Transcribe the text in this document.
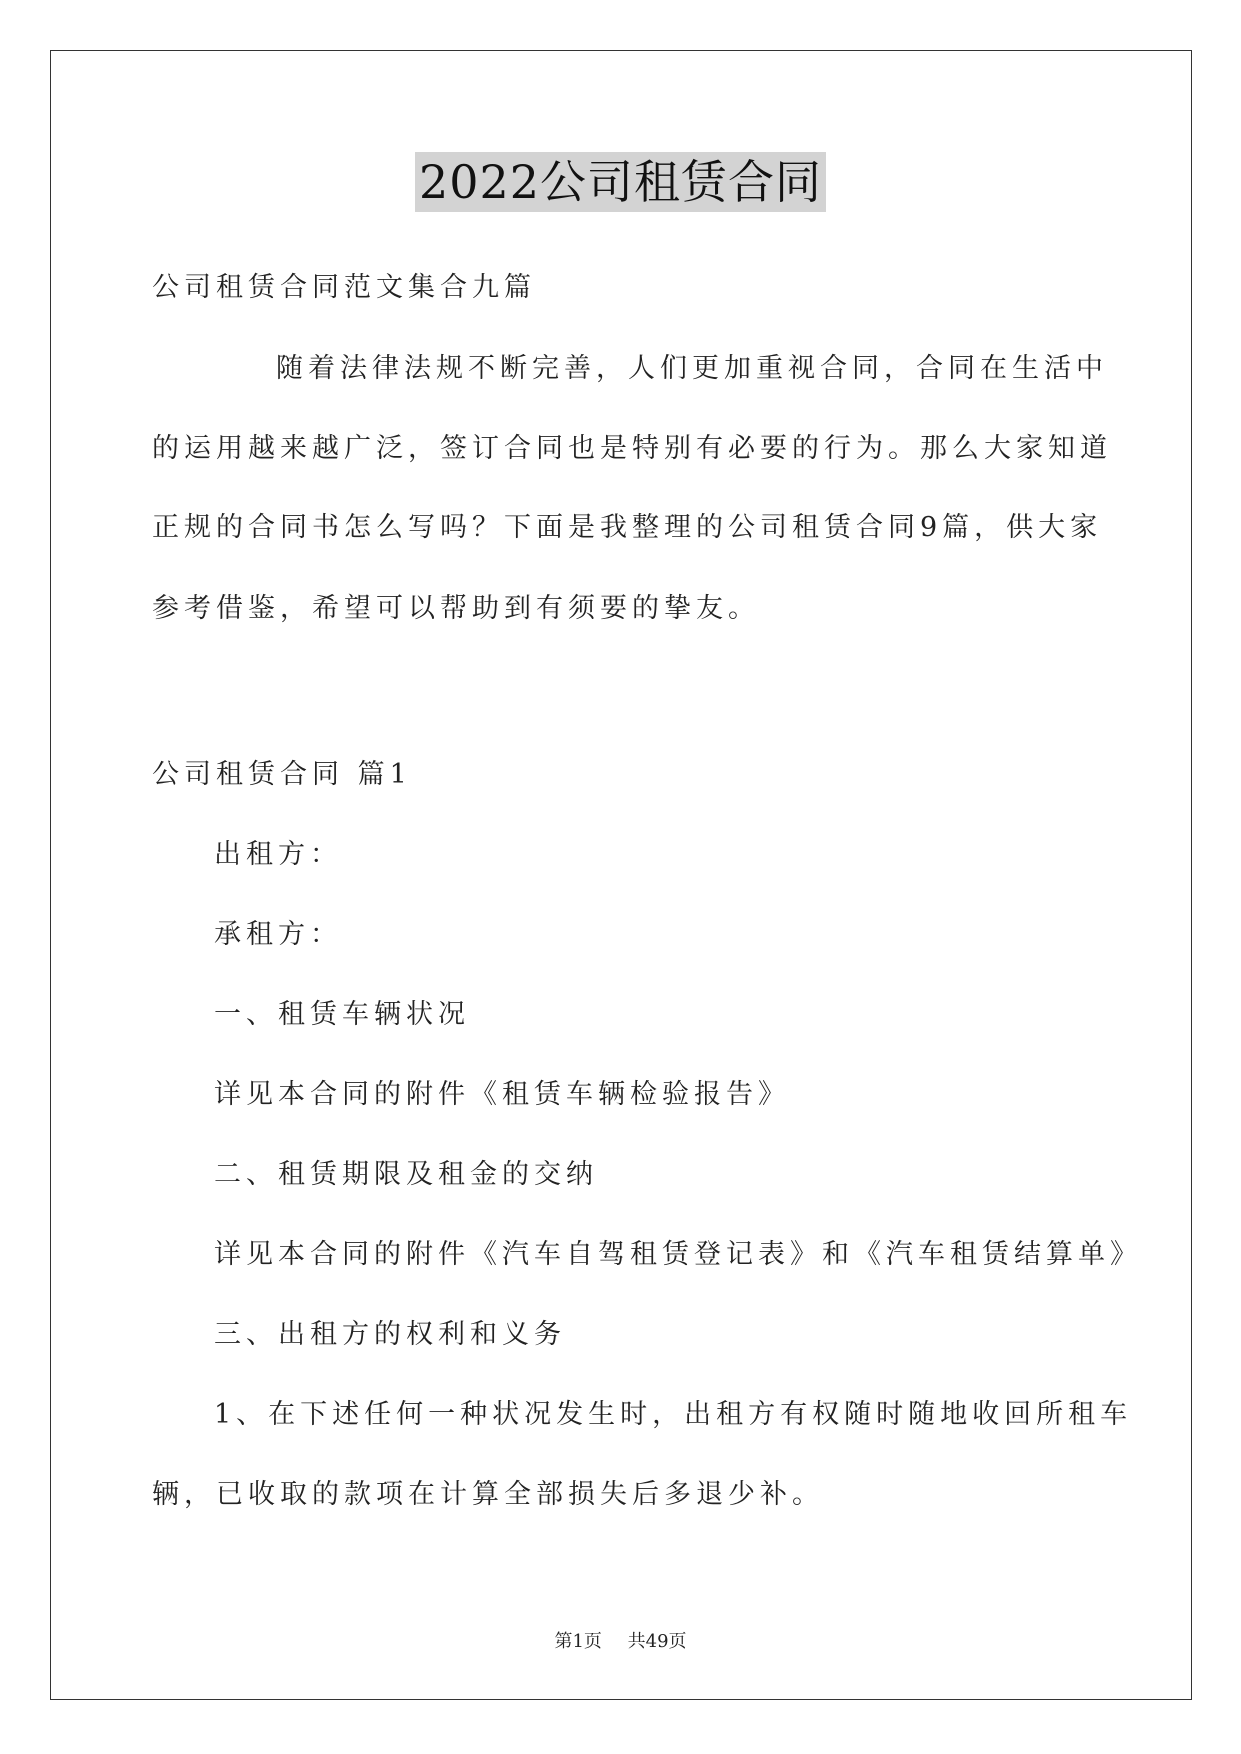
2022公司租赁合同
公司租赁合同范文集合九篇
随着法律法规不断完善，人们更加重视合同，合同在生活中
的运用越来越广泛，签订合同也是特别有必要的行为。那么大家知道
正规的合同书怎么写吗？下面是我整理的公司租赁合同9篇，供大家
参考借鉴，希望可以帮助到有须要的挚友。
公司租赁合同 篇1
出租方：
承租方：
一、租赁车辆状况
详见本合同的附件《租赁车辆检验报告》
二、租赁期限及租金的交纳
详见本合同的附件《汽车自驾租赁登记表》和《汽车租赁结算单》
三、出租方的权利和义务
1、在下述任何一种状况发生时，出租方有权随时随地收回所租车
辆，已收取的款项在计算全部损失后多退少补。
第1页 共49页
